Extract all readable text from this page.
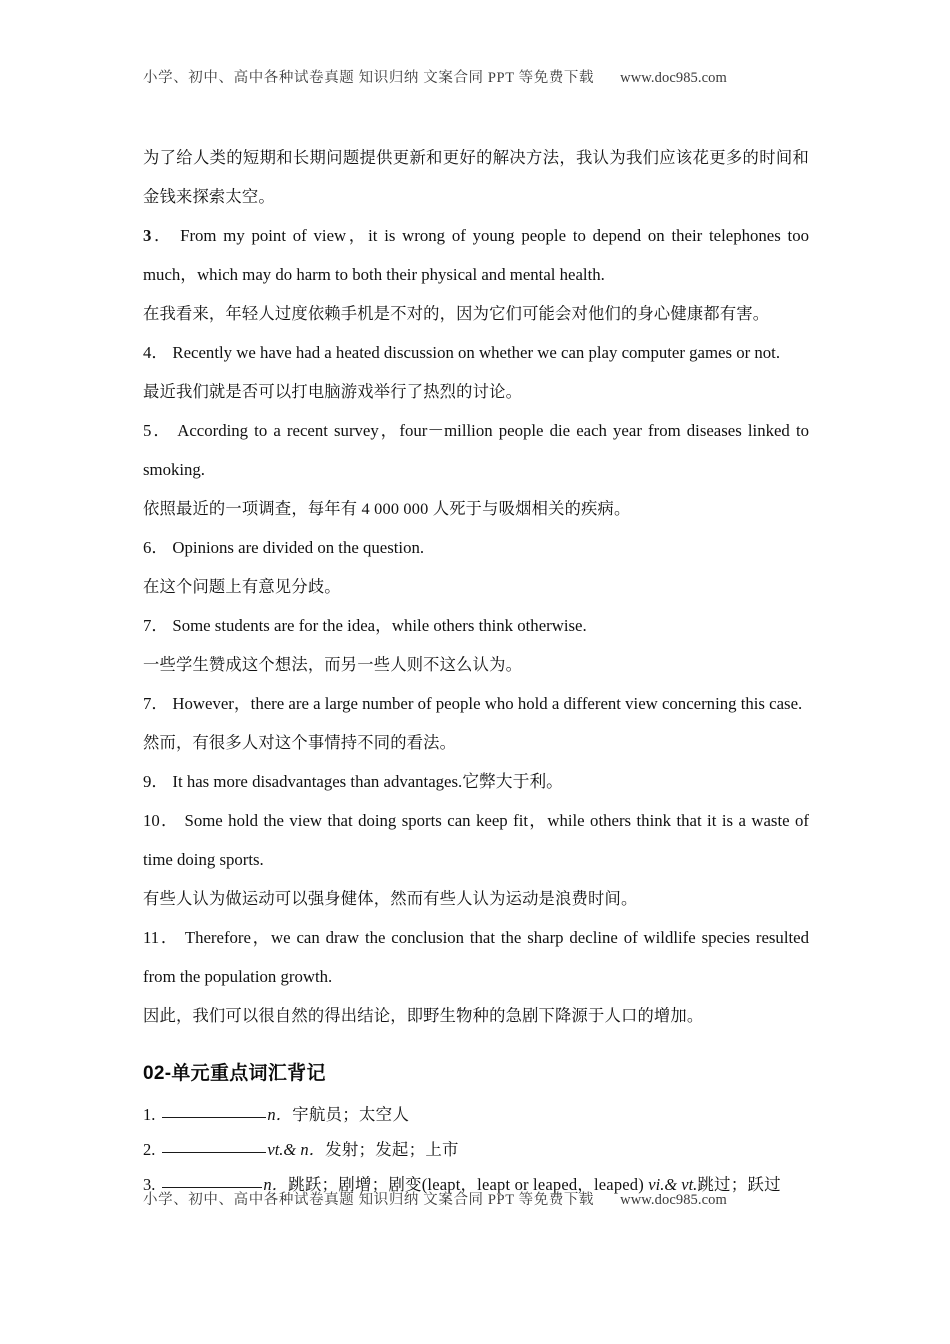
小学、初中、高中各种试卷真题 知识归纳 文案合同 PPT 等免费下载 www.doc985.com

为了给人类的短期和长期问题提供更新和更好的解决方法，我认为我们应该花更多的时间和金钱来探索太空。

3． From my point of view，it is wrong of young people to depend on their telephones too much，which may do harm to both their physical and mental health.

在我看来，年轻人过度依赖手机是不对的，因为它们可能会对他们的身心健康都有害。

4． Recently we have had a heated discussion on whether we can play computer games or not.

最近我们就是否可以打电脑游戏举行了热烈的讨论。

5． According to a recent survey，four－million people die each year from diseases linked to smoking.

依照最近的一项调查，每年有 4 000 000 人死于与吸烟相关的疾病。

6． Opinions are divided on the question.

在这个问题上有意见分歧。

7． Some students are for the idea，while others think otherwise.

一些学生赞成这个想法，而另一些人则不这么认为。

7． However，there are a large number of people who hold a different view concerning this case.

然而，有很多人对这个事情持不同的看法。

9． It has more disadvantages than advantages.它弊大于利。

10． Some hold the view that doing sports can keep fit，while others think that it is a waste of time doing sports.

有些人认为做运动可以强身健体，然而有些人认为运动是浪费时间。

11． Therefore，we can draw the conclusion that the sharp decline of wildlife species resulted from the population growth.

因此，我们可以很自然的得出结论，即野生物种的急剧下降源于人口的增加。

02-单元重点词汇背记

1.	n．宇航员；太空人

2.	vt.& n．发射；发起；上市

3.	n．跳跃；剧增；剧变(leapt，leapt or leaped，leaped) vi.& vt.跳过；跃过

小学、初中、高中各种试卷真题 知识归纳 文案合同 PPT 等免费下载 www.doc985.com
